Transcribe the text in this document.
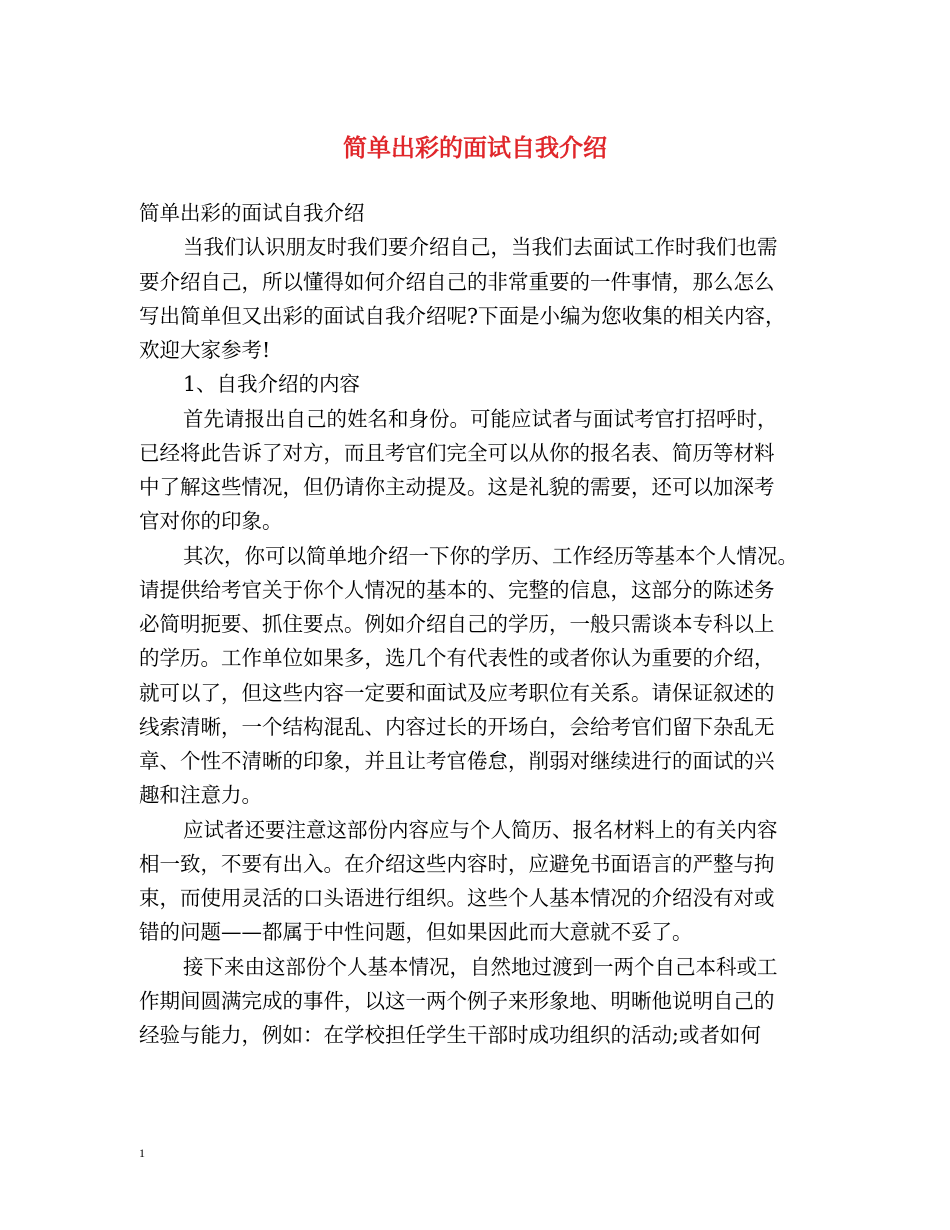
简单出彩的面试自我介绍
简单出彩的面试自我介绍
当我们认识朋友时我们要介绍自己，当我们去面试工作时我们也需
要介绍自己，所以懂得如何介绍自己的非常重要的一件事情，那么怎么
写出简单但又出彩的面试自我介绍呢?下面是小编为您收集的相关内容，
欢迎大家参考!
1、自我介绍的内容
首先请报出自己的姓名和身份。可能应试者与面试考官打招呼时，
已经将此告诉了对方，而且考官们完全可以从你的报名表、简历等材料
中了解这些情况，但仍请你主动提及。这是礼貌的需要，还可以加深考
官对你的印象。
其次，你可以简单地介绍一下你的学历、工作经历等基本个人情况。
请提供给考官关于你个人情况的基本的、完整的信息，这部分的陈述务
必简明扼要、抓住要点。例如介绍自己的学历，一般只需谈本专科以上
的学历。工作单位如果多，选几个有代表性的或者你认为重要的介绍，
就可以了，但这些内容一定要和面试及应考职位有关系。请保证叙述的
线索清晰，一个结构混乱、内容过长的开场白，会给考官们留下杂乱无
章、个性不清晰的印象，并且让考官倦怠，削弱对继续进行的面试的兴
趣和注意力。
应试者还要注意这部份内容应与个人简历、报名材料上的有关内容
相一致，不要有出入。在介绍这些内容时，应避免书面语言的严整与拘
束，而使用灵活的口头语进行组织。这些个人基本情况的介绍没有对或
错的问题——都属于中性问题，但如果因此而大意就不妥了。
接下来由这部份个人基本情况，自然地过渡到一两个自己本科或工
作期间圆满完成的事件，以这一两个例子来形象地、明晰他说明自己的
经验与能力，例如：在学校担任学生干部时成功组织的活动;或者如何
1
